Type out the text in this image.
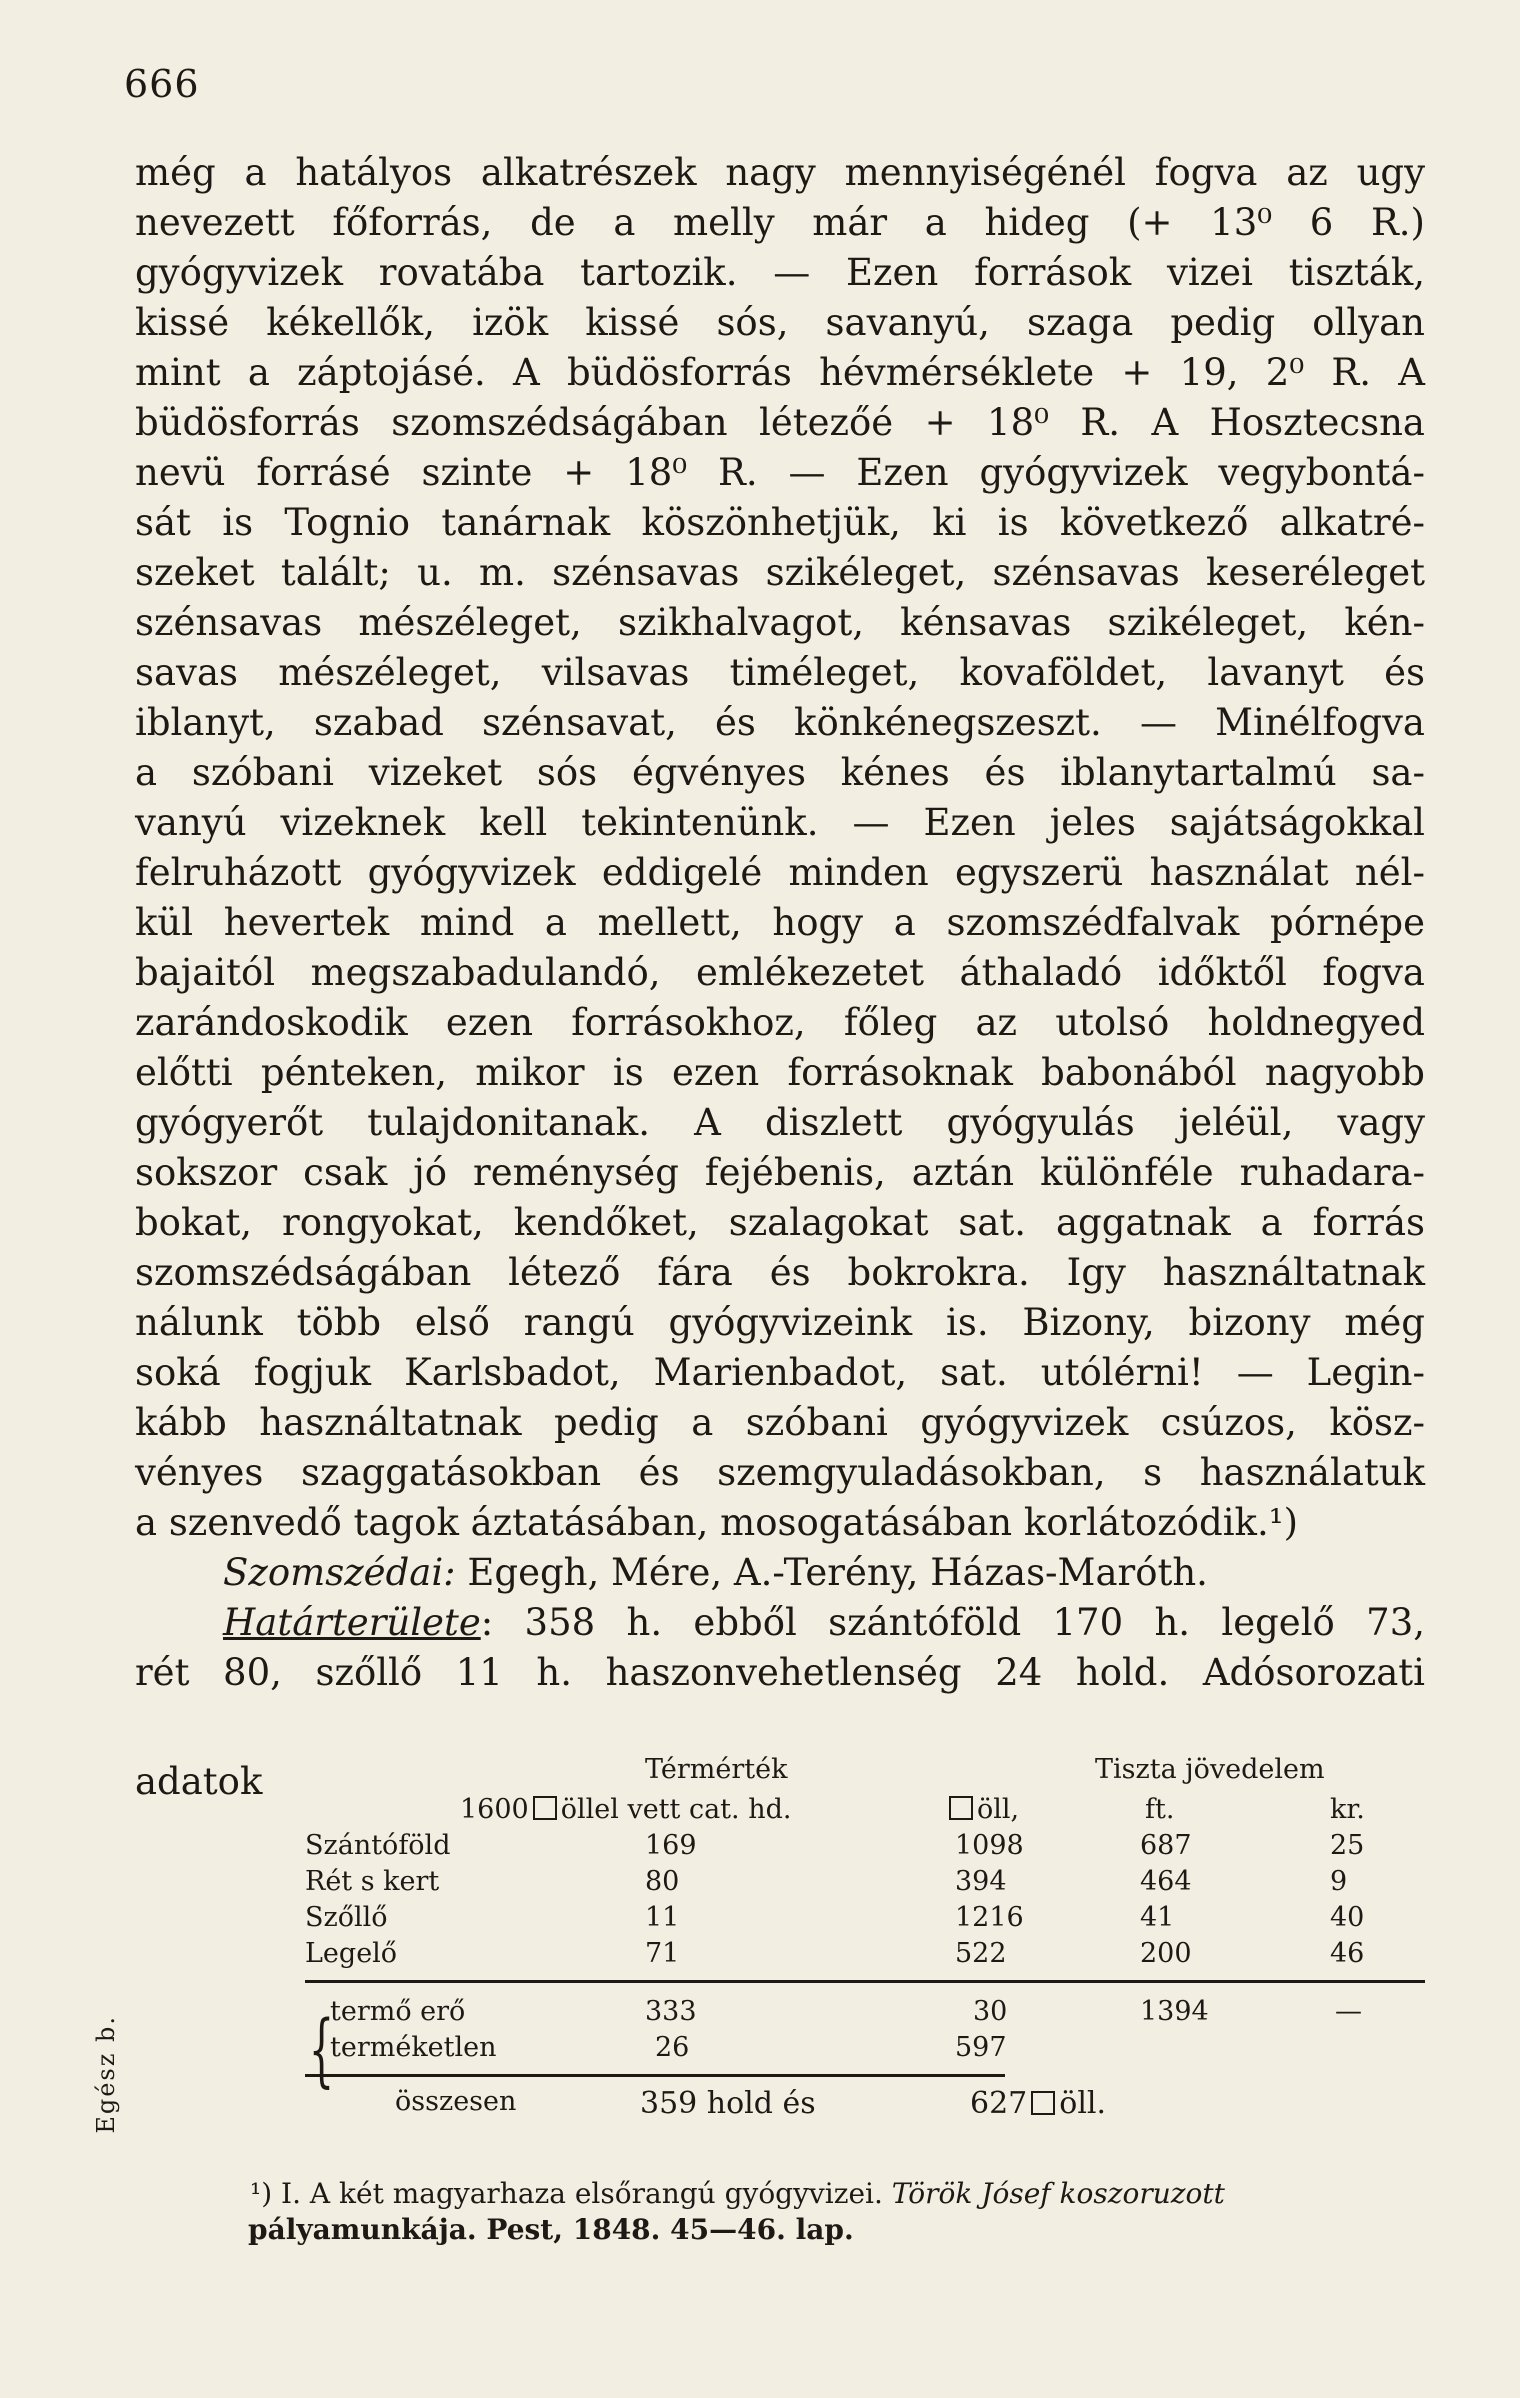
666
még a hatályos alkatrészek nagy mennyiségénél fogva az ugy
nevezett főforrás, de a melly már a hideg (+ 13⁰ 6 R.)
gyógyvizek rovatába tartozik. — Ezen források vizei tiszták,
kissé kékellők, izök kissé sós, savanyú, szaga pedig ollyan
mint a záptojásé. A büdösforrás hévmérséklete + 19, 2⁰ R. A
büdösforrás szomszédságában létezőé + 18⁰ R. A Hosztecsna
nevü forrásé szinte + 18⁰ R. — Ezen gyógyvizek vegybontá-
sát is Tognio tanárnak köszönhetjük, ki is következő alkatré-
szeket talált; u. m. szénsavas szikéleget, szénsavas keseréleget
szénsavas mészéleget, szikhalvagot, kénsavas szikéleget, kén-
savas mészéleget, vilsavas timéleget, kovaföldet, lavanyt és
iblanyt, szabad szénsavat, és könkénegszeszt. — Minélfogva
a szóbani vizeket sós égvényes kénes és iblanytartalmú sa-
vanyú vizeknek kell tekintenünk. — Ezen jeles sajátságokkal
felruházott gyógyvizek eddigelé minden egyszerü használat nél-
kül hevertek mind a mellett, hogy a szomszédfalvak pórnépe
bajaitól megszabadulandó, emlékezetet áthaladó időktől fogva
zarándoskodik ezen forrásokhoz, főleg az utolsó holdnegyed
előtti pénteken, mikor is ezen forrásoknak babonából nagyobb
gyógyerőt tulajdonitanak. A diszlett gyógyulás jeléül, vagy
sokszor csak jó reménység fejébenis, aztán különféle ruhadara-
bokat, rongyokat, kendőket, szalagokat sat. aggatnak a forrás
szomszédságában létező fára és bokrokra. Igy használtatnak
nálunk több első rangú gyógyvizeink is. Bizony, bizony még
soká fogjuk Karlsbadot, Marienbadot, sat. utólérni! — Legin-
kább használtatnak pedig a szóbani gyógyvizek csúzos, kösz-
vényes szaggatásokban és szemgyuladásokban, s használatuk
a szenvedő tagok áztatásában, mosogatásában korlátozódik.¹)
Szomszédai: Egegh, Mére, A.-Terény, Házas-Maróth.
Határterülete: 358 h. ebből szántóföld 170 h. legelő 73,
rét 80, szőllő 11 h. haszonvehetlenség 24 hold. Adósorozati
adatok	Térmérték	Tiszta jövedelem
1600 öllel vett cat. hd.	öll,	ft.	kr.
Szántóföld	169	1098	687	25
Rét s kert	80	394	464	9
Szőllő	11	1216	41	40
Legelő	71	522	200	46
termő erő	333	30	1394	—
terméketlen	26	597
összesen	359 hold és	627 öll.
Egész b. {
¹) I. A két magyarhaza elsőrangú gyógyvizei. Török Jósef koszoruzott
pályamunkája. Pest, 1848. 45—46. lap.
